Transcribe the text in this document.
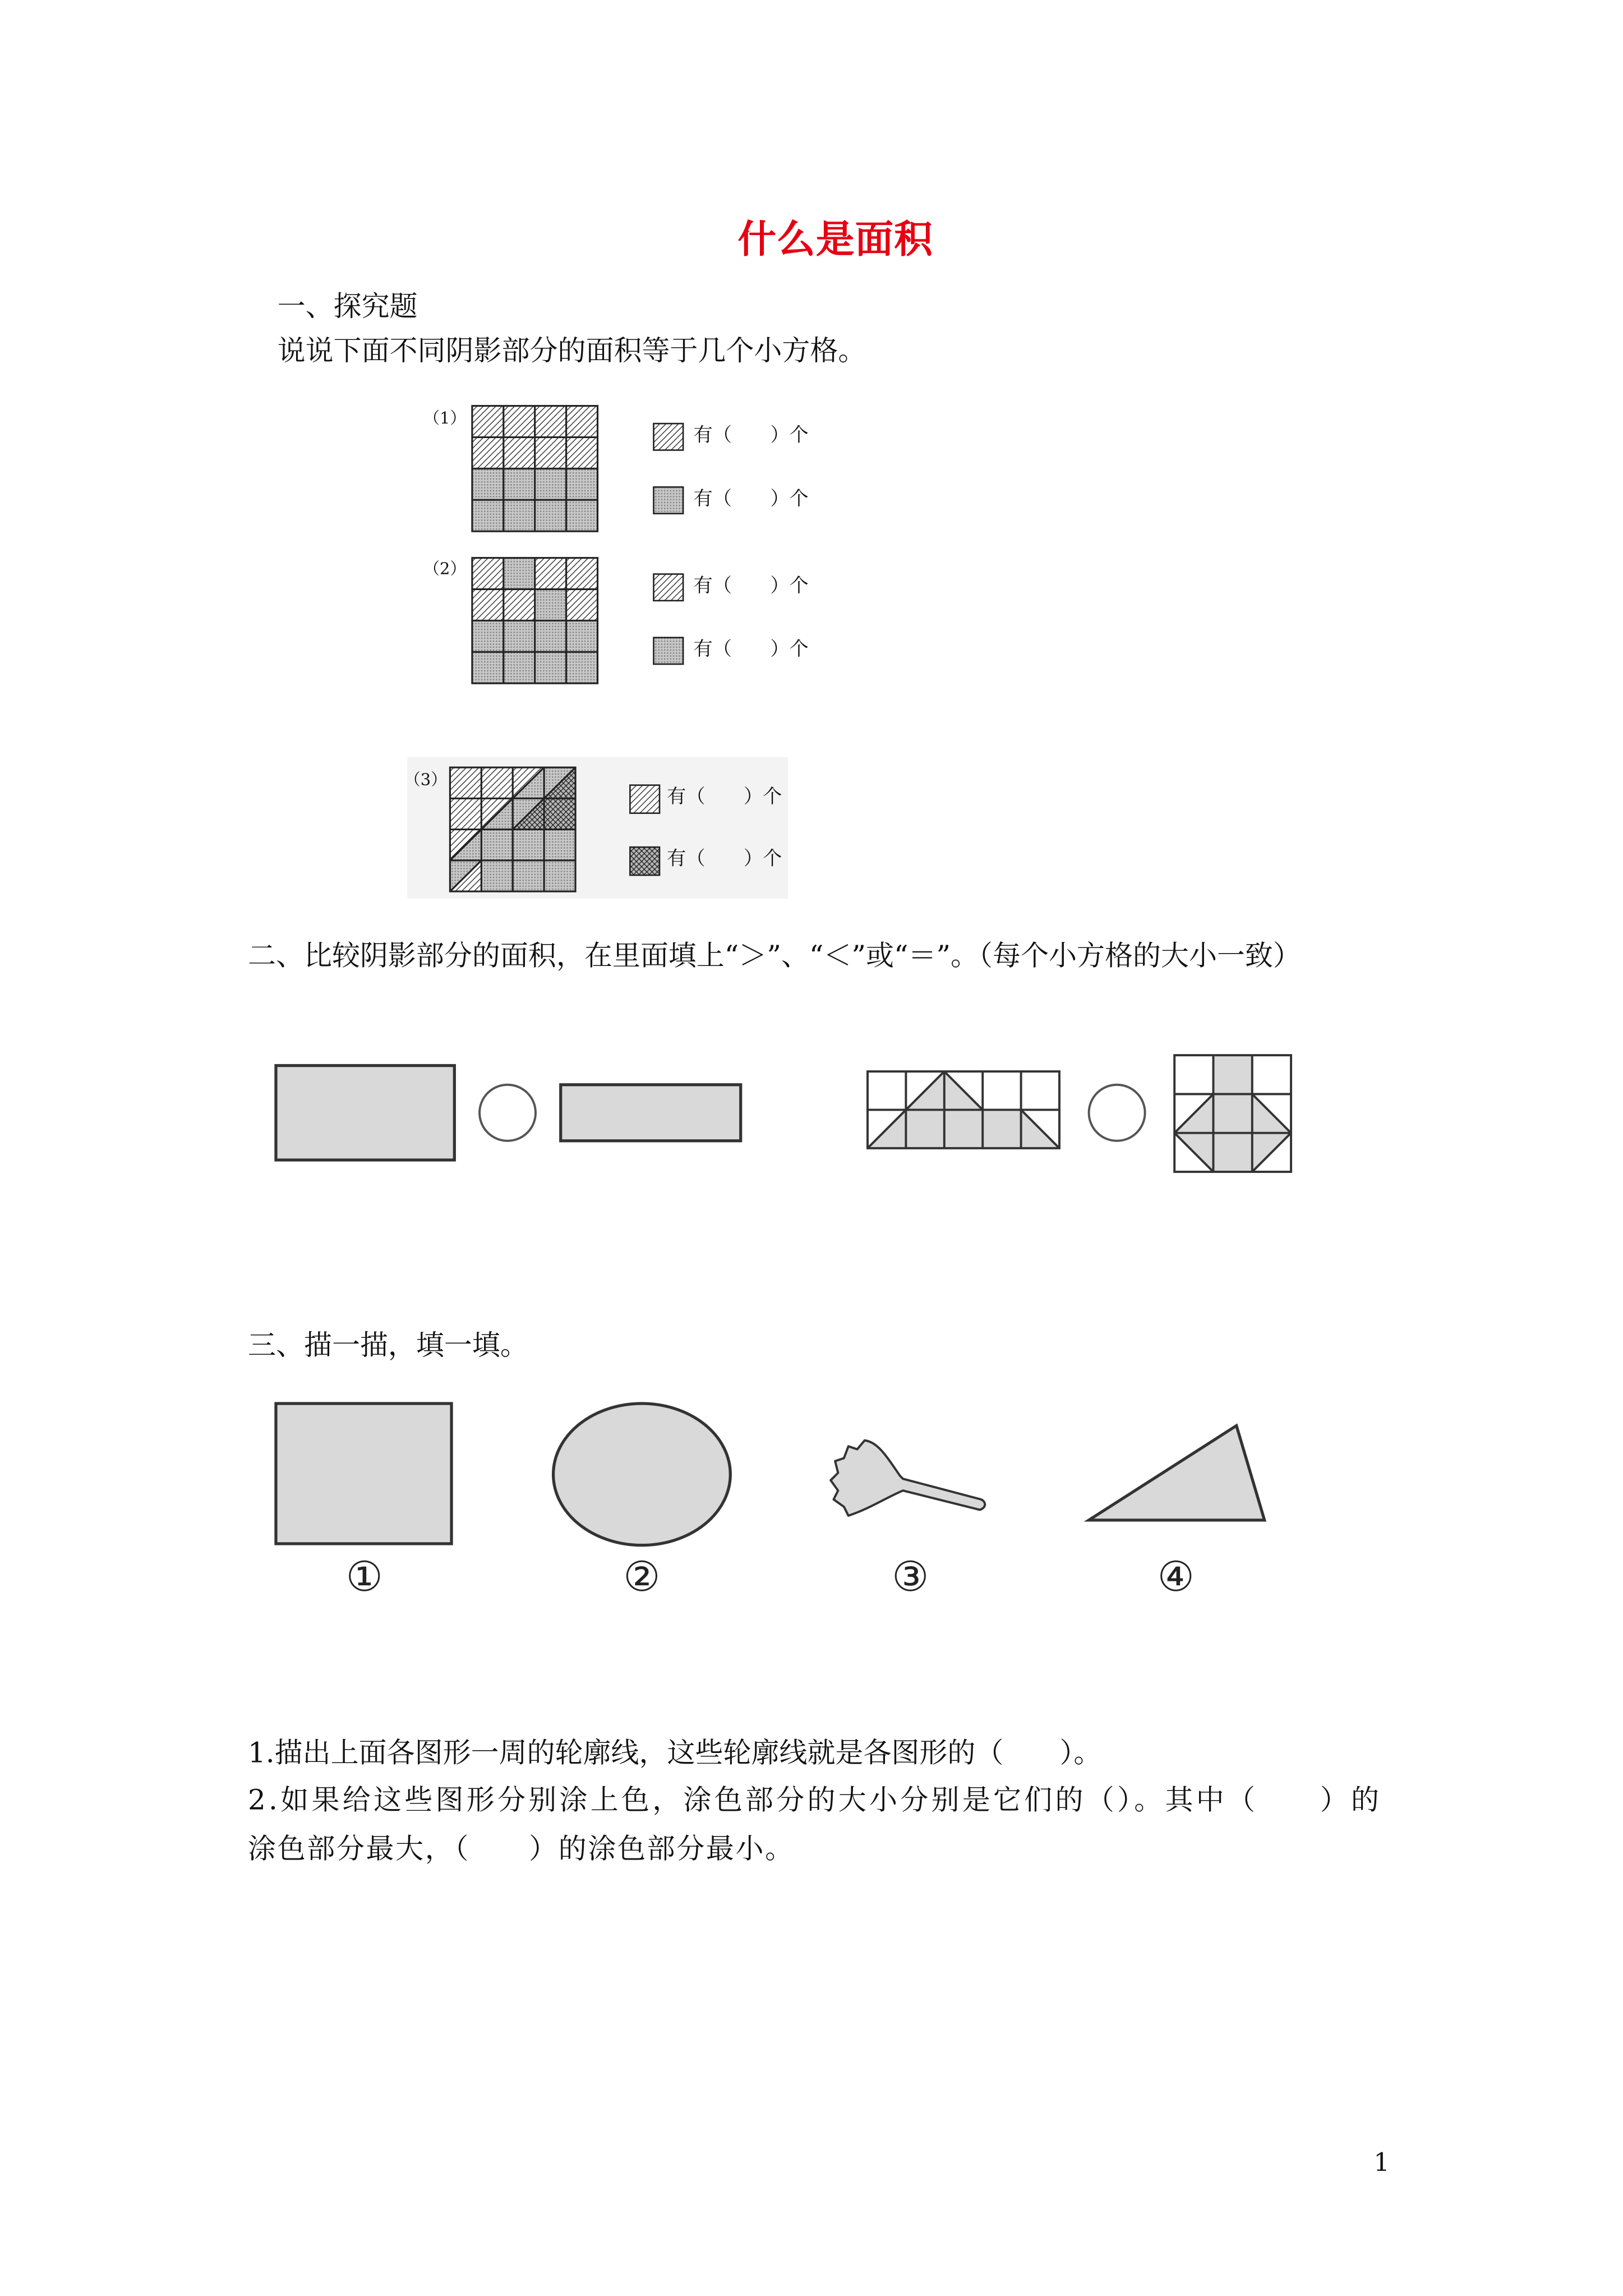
什么是面积
一、探究题
说说下面不同阴影部分的面积等于几个小方格。
（1）
有（　　）个
有（　　）个
（2）
有（　　）个
有（　　）个
（3）
有（　　）个
有（　　）个
二、比较阴影部分的面积，在里面填上“＞”、“＜”或“＝”。（每个小方格的大小一致）
三、描一描，填一填。
①	②	③	④
1.描出上面各图形一周的轮廓线，这些轮廓线就是各图形的（　　）。
2.如果给这些图形分别涂上色，涂色部分的大小分别是它们的（）。其中（　　）的
涂色部分最大，（　　）的涂色部分最小。
1
